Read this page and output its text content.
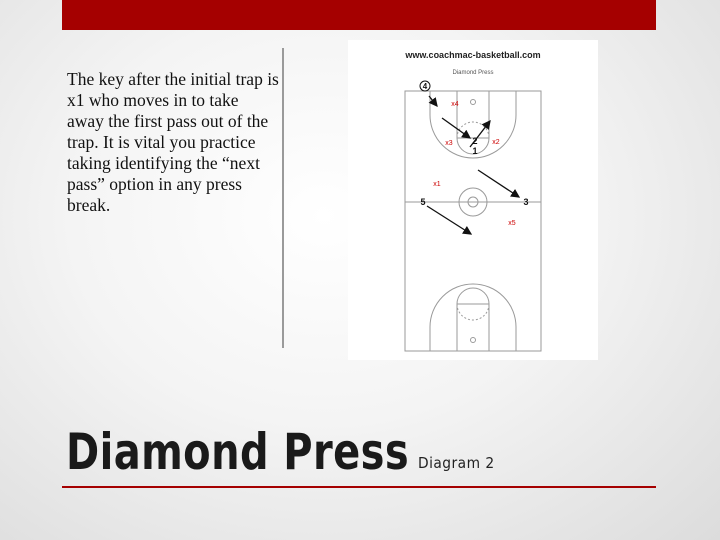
The key after the initial trap is x1 who moves in to take away the first pass out of the trap. It is vital you practice taking identifying the “next pass” option in any press break.

www.coachmac-basketball.com
Diamond Press
4
2
1
5	3
x4
x3	x2
x1
x5
Diamond Press Diagram 2
